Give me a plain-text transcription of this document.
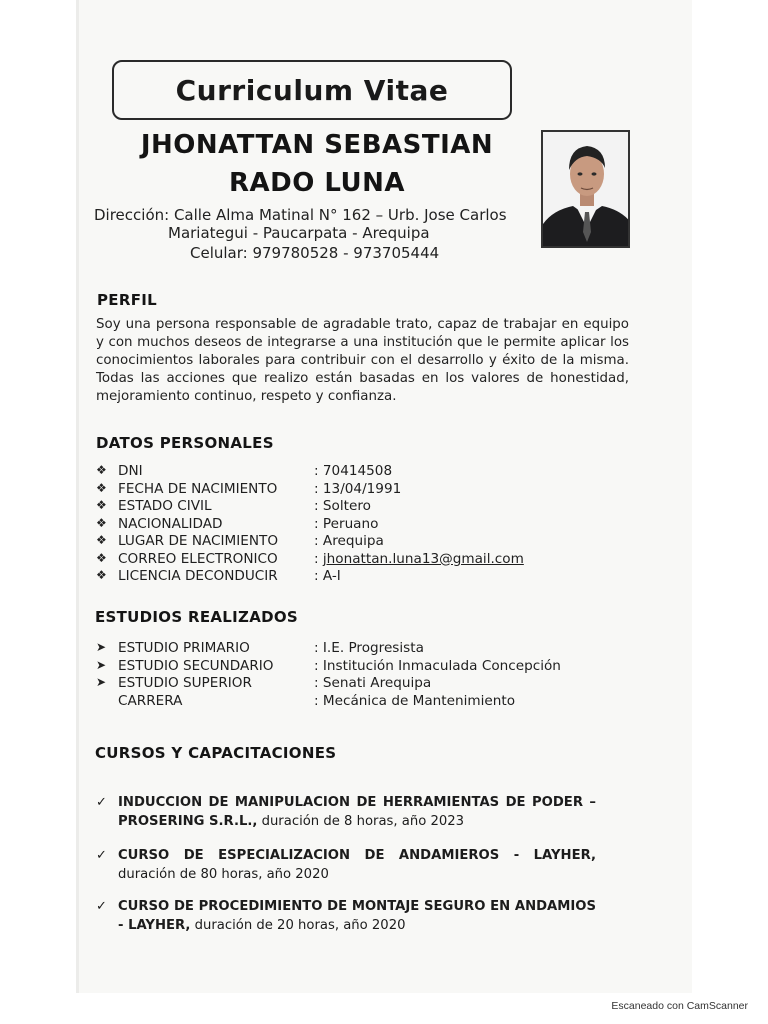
Curriculum Vitae
JHONATTAN SEBASTIAN
RADO LUNA
Dirección: Calle Alma Matinal N° 162 – Urb. Jose Carlos
Mariategui - Paucarpata - Arequipa
Celular: 979780528 - 973705444
PERFIL
Soy una persona responsable de agradable trato, capaz de trabajar en equipo y con muchos deseos de integrarse a una institución que le permite aplicar los conocimientos laborales para contribuir con el desarrollo y éxito de la misma. Todas las acciones que realizo están basadas en los valores de honestidad, mejoramiento continuo, respeto y confianza.
DATOS PERSONALES
❖ DNI	: 70414508
❖ FECHA DE NACIMIENTO	: 13/04/1991
❖ ESTADO CIVIL	: Soltero
❖ NACIONALIDAD	: Peruano
❖ LUGAR DE NACIMIENTO	: Arequipa
❖ CORREO ELECTRONICO	: jhonattan.luna13@gmail.com
❖ LICENCIA DECONDUCIR	: A-I
ESTUDIOS REALIZADOS
➤ ESTUDIO PRIMARIO	: I.E. Progresista
➤ ESTUDIO SECUNDARIO	: Institución Inmaculada Concepción
➤ ESTUDIO SUPERIOR	: Senati Arequipa
CARRERA	: Mecánica de Mantenimiento
CURSOS Y CAPACITACIONES
✓ INDUCCION DE MANIPULACION DE HERRAMIENTAS DE PODER – PROSERING S.R.L., duración de 8 horas, año 2023
✓ CURSO DE ESPECIALIZACION DE ANDAMIEROS - LAYHER, duración de 80 horas, año 2020
✓ CURSO DE PROCEDIMIENTO DE MONTAJE SEGURO EN ANDAMIOS - LAYHER, duración de 20 horas, año 2020
Escaneado con CamScanner
